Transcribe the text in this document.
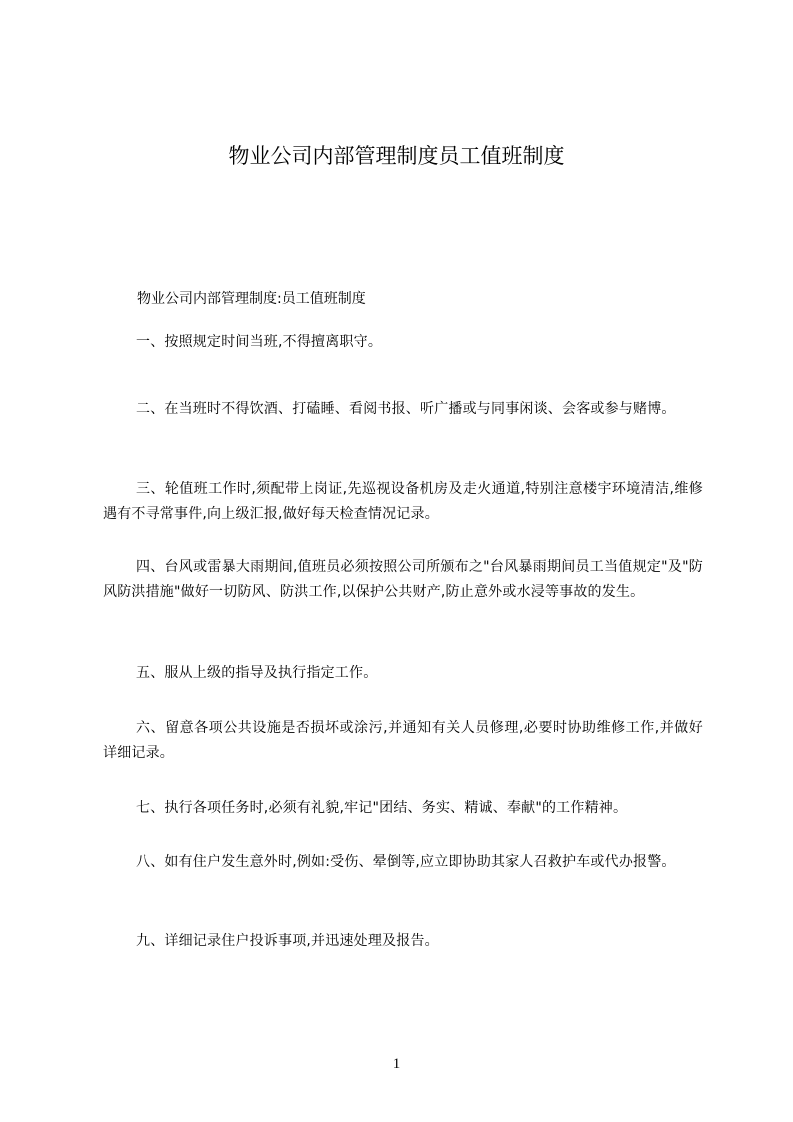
物业公司内部管理制度员工值班制度
物业公司内部管理制度:员工值班制度

一、按照规定时间当班,不得擅离职守。

二、在当班时不得饮酒、打磕睡、看阅书报、听广播或与同事闲谈、会客或参与赌博。

三、轮值班工作时,须配带上岗证,先巡视设备机房及走火通道,特别注意楼宇环境清洁,维修遇有不寻常事件,向上级汇报,做好每天检查情况记录。

四、台风或雷暴大雨期间,值班员必须按照公司所颁布之"台风暴雨期间员工当值规定"及"防风防洪措施"做好一切防风、防洪工作,以保护公共财产,防止意外或水浸等事故的发生。

五、服从上级的指导及执行指定工作。

六、留意各项公共设施是否损坏或涂污,并通知有关人员修理,必要时协助维修工作,并做好详细记录。

七、执行各项任务时,必须有礼貌,牢记"团结、务实、精诚、奉献"的工作精神。

八、如有住户发生意外时,例如:受伤、晕倒等,应立即协助其家人召救护车或代办报警。

九、详细记录住户投诉事项,并迅速处理及报告。

1
